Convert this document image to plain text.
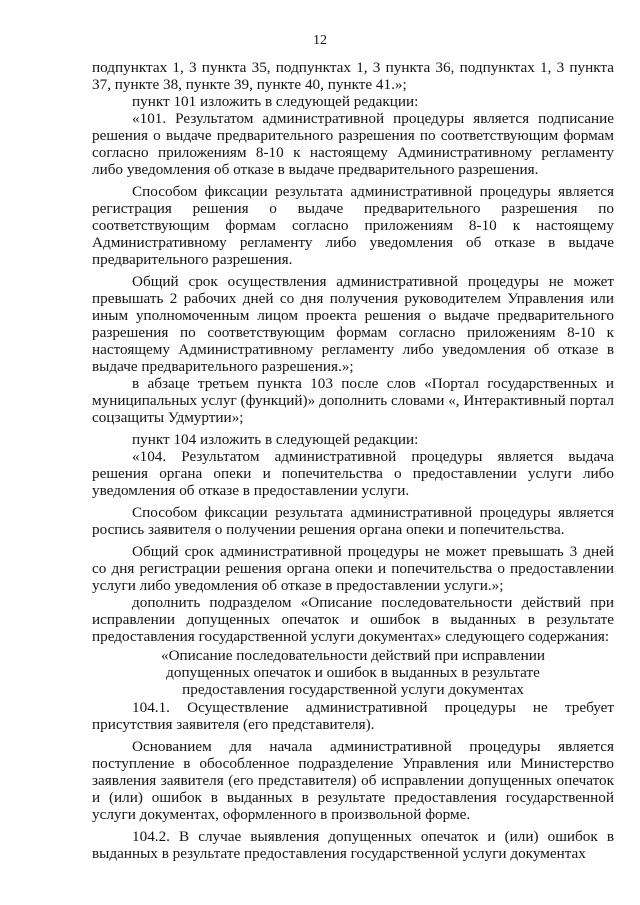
12

подпунктах 1, 3 пункта 35, подпунктах 1, 3 пункта 36, подпунктах 1, 3 пункта 37, пункте 38, пункте 39, пункте 40, пункте 41.»;

пункт 101 изложить в следующей редакции:

«101. Результатом административной процедуры является подписание решения о выдаче предварительного разрешения по соответствующим формам согласно приложениям 8-10 к настоящему Административному регламенту либо уведомления об отказе в выдаче предварительного разрешения.

Способом фиксации результата административной процедуры является регистрация решения о выдаче предварительного разрешения по соответствующим формам согласно приложениям 8-10 к настоящему Административному регламенту либо уведомления об отказе в выдаче предварительного разрешения.

Общий срок осуществления административной процедуры не может превышать 2 рабочих дней со дня получения руководителем Управления или иным уполномоченным лицом проекта решения о выдаче предварительного разрешения по соответствующим формам согласно приложениям 8-10 к настоящему Административному регламенту либо уведомления об отказе в выдаче предварительного разрешения.»;

в абзаце третьем пункта 103 после слов «Портал государственных и муниципальных услуг (функций)» дополнить словами «, Интерактивный портал соцзащиты Удмуртии»;

пункт 104 изложить в следующей редакции:

«104. Результатом административной процедуры является выдача решения органа опеки и попечительства о предоставлении услуги либо уведомления об отказе в предоставлении услуги.

Способом фиксации результата административной процедуры является роспись заявителя о получении решения органа опеки и попечительства.

Общий срок административной процедуры не может превышать 3 дней со дня регистрации решения органа опеки и попечительства о предоставлении услуги либо уведомления об отказе в предоставлении услуги.»;

дополнить подразделом «Описание последовательности действий при исправлении допущенных опечаток и ошибок в выданных в результате предоставления государственной услуги документах» следующего содержания:

«Описание последовательности действий при исправлении

допущенных опечаток и ошибок в выданных в результате

предоставления государственной услуги документах

104.1. Осуществление административной процедуры не требует присутствия заявителя (его представителя).

Основанием для начала административной процедуры является поступление в обособленное подразделение Управления или Министерство заявления заявителя (его представителя) об исправлении допущенных опечаток и (или) ошибок в выданных в результате предоставления государственной услуги документах, оформленного в произвольной форме.

104.2. В случае выявления допущенных опечаток и (или) ошибок в выданных в результате предоставления государственной услуги документах
